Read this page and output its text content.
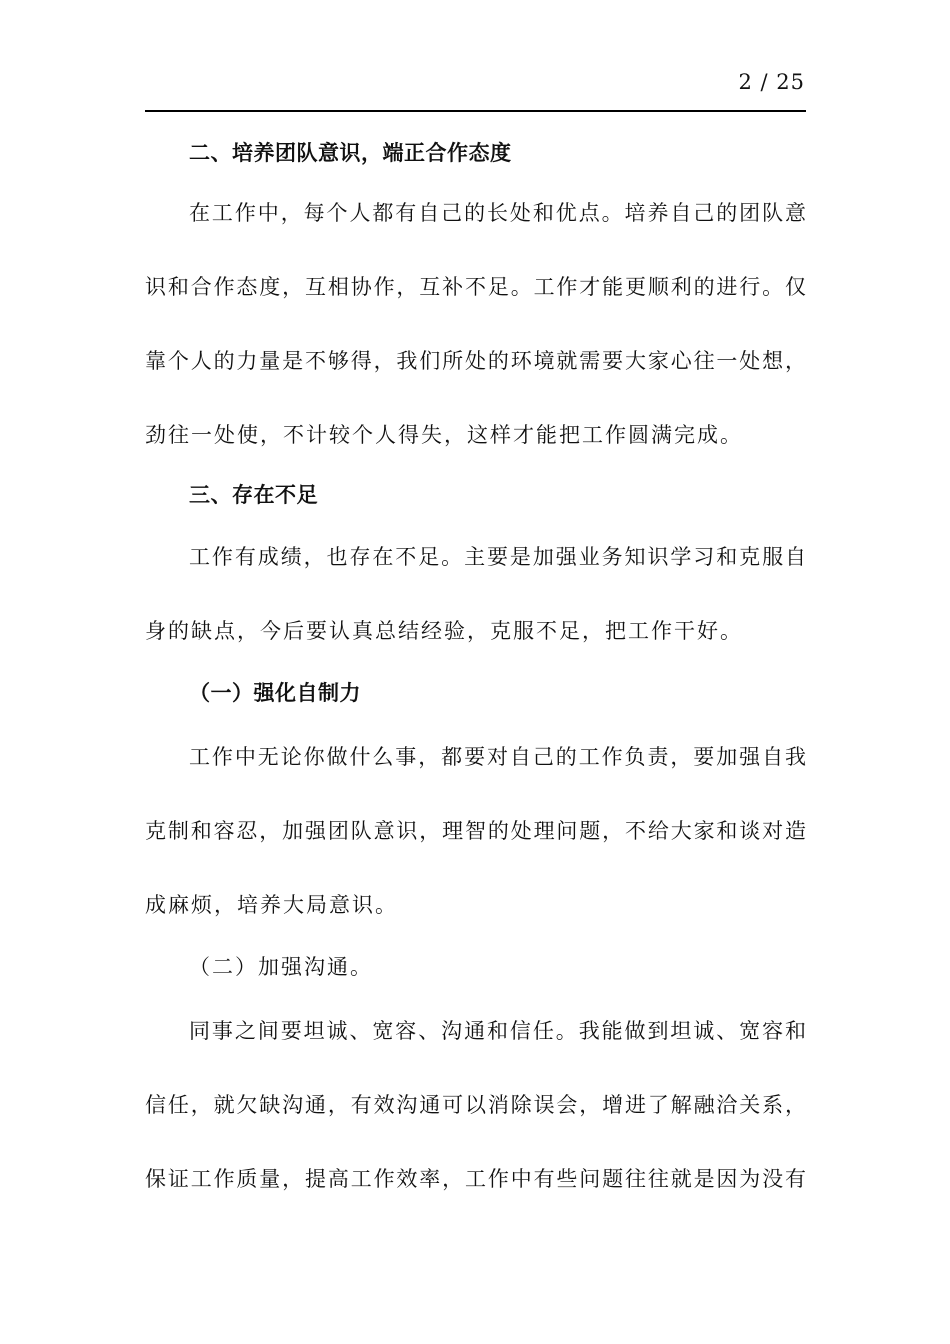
2 / 25
二、培养团队意识，端正合作态度
在工作中，每个人都有自己的长处和优点。培养自己的团队意
识和合作态度，互相协作，互补不足。工作才能更顺利的进行。仅
靠个人的力量是不够得，我们所处的环境就需要大家心往一处想，
劲往一处使，不计较个人得失，这样才能把工作圆满完成。
三、存在不足
工作有成绩，也存在不足。主要是加强业务知识学习和克服自
身的缺点，今后要认真总结经验，克服不足，把工作干好。
（一）强化自制力
工作中无论你做什么事，都要对自己的工作负责，要加强自我
克制和容忍，加强团队意识，理智的处理问题，不给大家和谈对造
成麻烦，培养大局意识。
（二）加强沟通。
同事之间要坦诚、宽容、沟通和信任。我能做到坦诚、宽容和
信任，就欠缺沟通，有效沟通可以消除误会，增进了解融洽关系，
保证工作质量，提高工作效率，工作中有些问题往往就是因为没有
